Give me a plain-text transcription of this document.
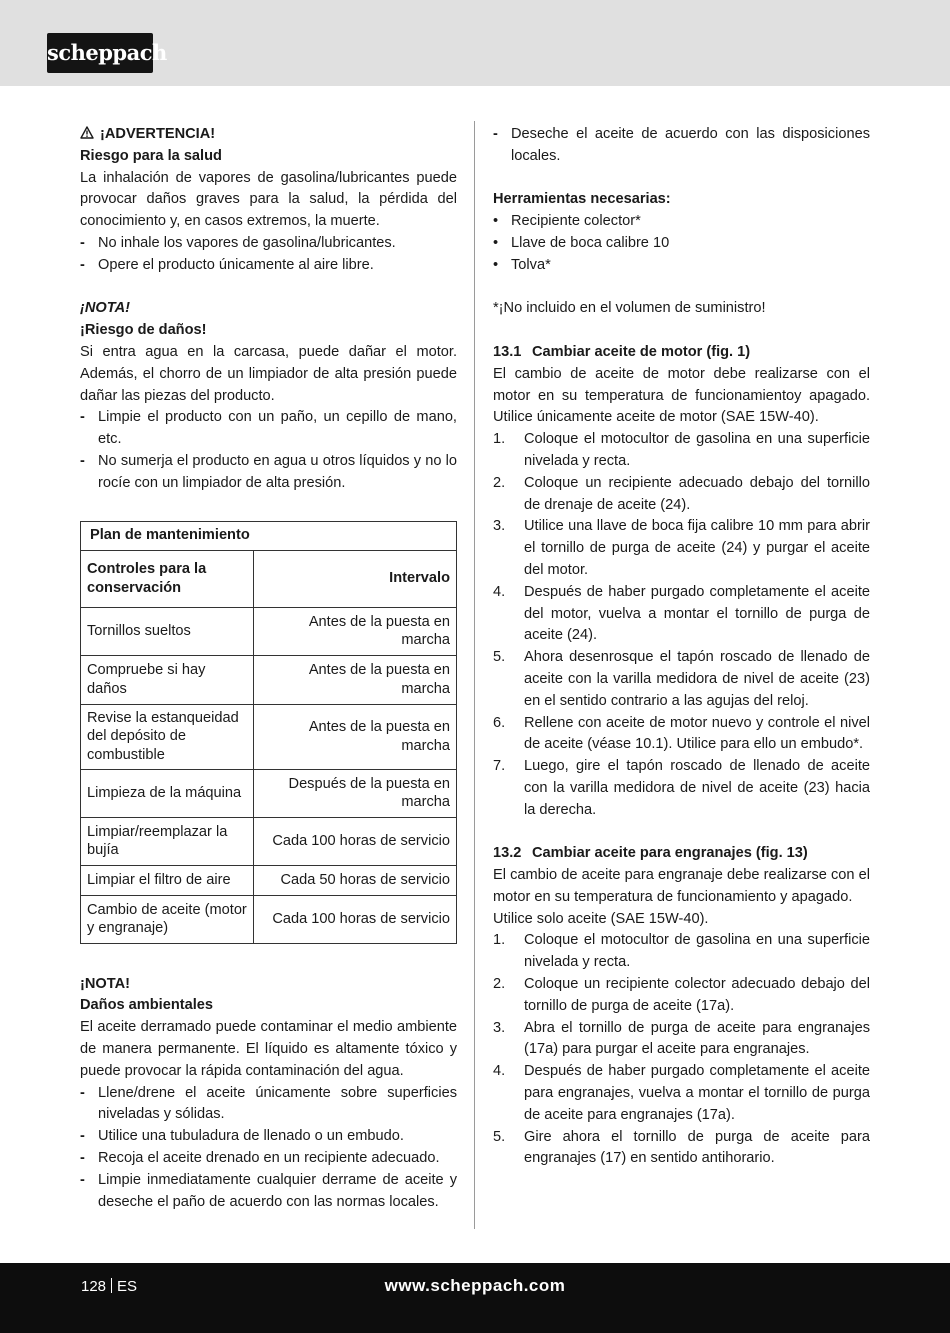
scheppach

¡ADVERTENCIA!

Riesgo para la salud

La inhalación de vapores de gasolina/lubricantes puede provocar daños graves para la salud, la pérdida del conocimiento y, en casos extremos, la muerte.

- No inhale los vapores de gasolina/lubricantes.
- Opere el producto únicamente al aire libre.

¡NOTA!

¡Riesgo de daños!

Si entra agua en la carcasa, puede dañar el motor. Además, el chorro de un limpiador de alta presión puede dañar las piezas del producto.

- Limpie el producto con un paño, un cepillo de mano, etc.
- No sumerja el producto en agua u otros líquidos y no lo rocíe con un limpiador de alta presión.
Plan de mantenimiento	
Controles para la conservación	Intervalo
Tornillos sueltos	Antes de la puesta en marcha
Compruebe si hay daños	Antes de la puesta en marcha
Revise la estanqueidad del depósito de combustible	Antes de la puesta en marcha
Limpieza de la máquina	Después de la puesta en marcha
Limpiar/reemplazar la bujía	Cada 100 horas de servicio
Limpiar el filtro de aire	Cada 50 horas de servicio
Cambio de aceite (motor y engranaje)	Cada 100 horas de servicio

¡NOTA!

Daños ambientales

El aceite derramado puede contaminar el medio ambiente de manera permanente. El líquido es altamente tóxico y puede provocar la rápida contaminación del agua.

- Llene/drene el aceite únicamente sobre superficies niveladas y sólidas.
- Utilice una tubuladura de llenado o un embudo.
- Recoja el aceite drenado en un recipiente adecuado.
- Limpie inmediatamente cualquier derrame de aceite y deseche el paño de acuerdo con las normas locales.
- Deseche el aceite de acuerdo con las disposiciones locales.

Herramientas necesarias:

• Recipiente colector*
• Llave de boca calibre 10
• Tolva*

*¡No incluido en el volumen de suministro!

13.1 Cambiar aceite de motor (fig. 1)

El cambio de aceite de motor debe realizarse con el motor en su temperatura de funcionamientoy apagado. Utilice únicamente aceite de motor (SAE 15W-40).

1.	Coloque el motocultor de gasolina en una superficie nivelada y recta.
2.	Coloque un recipiente adecuado debajo del tornillo de drenaje de aceite (24).
3.	Utilice una llave de boca fija calibre 10 mm para abrir el tornillo de purga de aceite (24) y purgar el aceite del motor.
4.	Después de haber purgado completamente el aceite del motor, vuelva a montar el tornillo de purga de aceite (24).
5.	Ahora desenrosque el tapón roscado de llenado de aceite con la varilla medidora de nivel de aceite (23) en el sentido contrario a las agujas del reloj.
6.	Rellene con aceite de motor nuevo y controle el nivel de aceite (véase 10.1). Utilice para ello un embudo*.
7.	Luego, gire el tapón roscado de llenado de aceite con la varilla medidora de nivel de aceite (23) hacia la derecha.
13.2 Cambiar aceite para engranajes (fig. 13)

El cambio de aceite para engranaje debe realizarse con el motor en su temperatura de funcionamiento y apagado.

Utilice solo aceite (SAE 15W-40).

1.	Coloque el motocultor de gasolina en una superficie nivelada y recta.
2.	Coloque un recipiente colector adecuado debajo del tornillo de purga de aceite (17a).
3.	Abra el tornillo de purga de aceite para engranajes (17a) para purgar el aceite para engranajes.
4.	Después de haber purgado completamente el aceite para engranajes, vuelva a montar el tornillo de purga de aceite para engranajes (17a).
5.	Gire ahora el tornillo de purga de aceite para engranajes (17) en sentido antihorario.
128 ES	www.scheppach.com
